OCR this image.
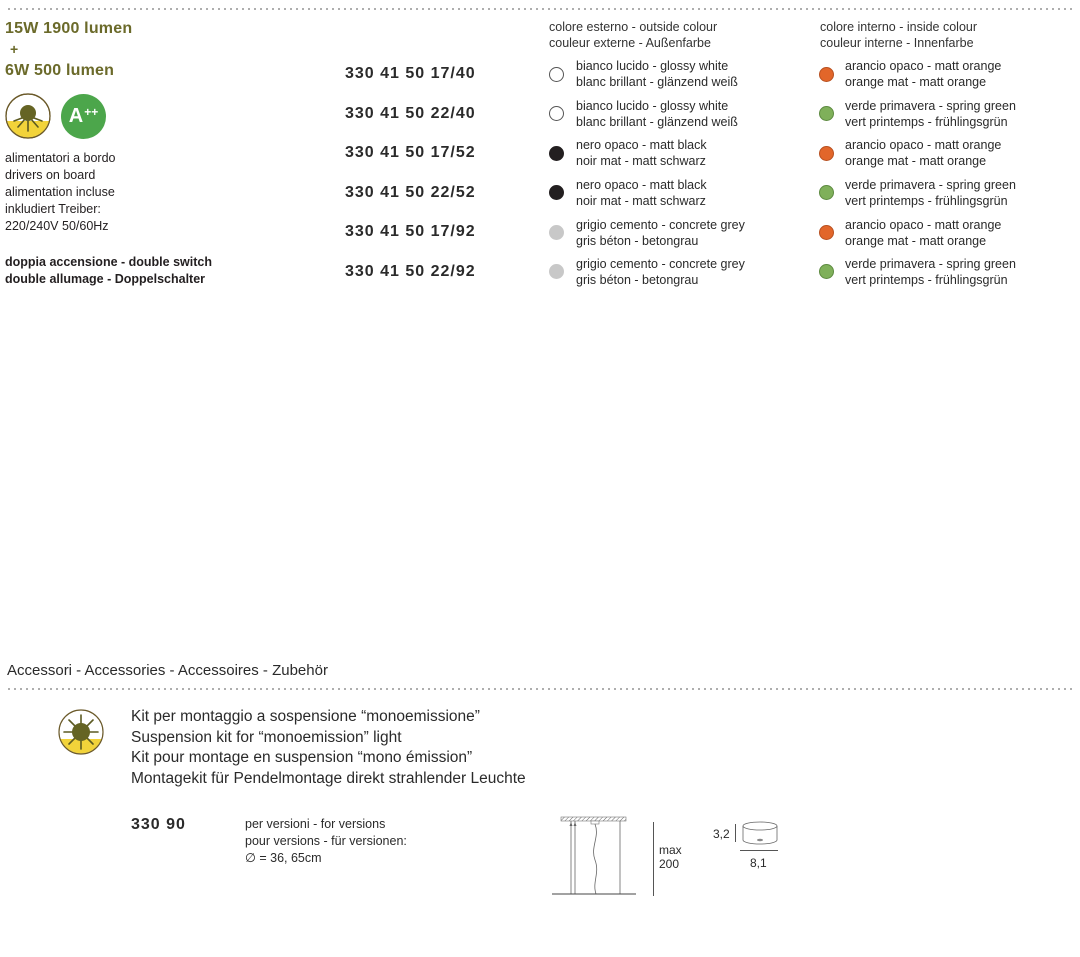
15W 1900 lumen
+
6W 500 lumen
A++
alimentatori a bordo
drivers on board
alimentation incluse
inkludiert Treiber:
220/240V 50/60Hz
doppia accensione - double switch
double allumage - Doppelschalter
colore esterno - outside colour
couleur externe - Außenfarbe
colore interno - inside colour
couleur interne - Innenfarbe
330 41 50 17/40	bianco lucido - glossy white
blanc brillant - glänzend weiß
arancio opaco - matt orange
orange mat - matt orange
330 41 50 22/40	bianco lucido - glossy white
blanc brillant - glänzend weiß
verde primavera - spring green
vert printemps - frühlingsgrün
330 41 50 17/52	nero opaco - matt black
noir mat - matt schwarz
arancio opaco - matt orange
orange mat - matt orange
330 41 50 22/52	nero opaco - matt black
noir mat - matt schwarz
verde primavera - spring green
vert printemps - frühlingsgrün
330 41 50 17/92	grigio cemento - concrete grey
gris béton - betongrau
arancio opaco - matt orange
orange mat - matt orange
330 41 50 22/92	grigio cemento - concrete grey
gris béton - betongrau
verde primavera - spring green
vert printemps - frühlingsgrün
Accessori - Accessories - Accessoires - Zubehör
Kit per montaggio a sospensione “monoemissione”
Suspension kit for “monoemission” light
Kit pour montage en suspension “mono émission”
Montagekit für Pendelmontage direkt strahlender Leuchte
330 90	per versioni - for versions
pour versions - für versionen:
∅ = 36, 65cm
max
200
3,2
8,1
